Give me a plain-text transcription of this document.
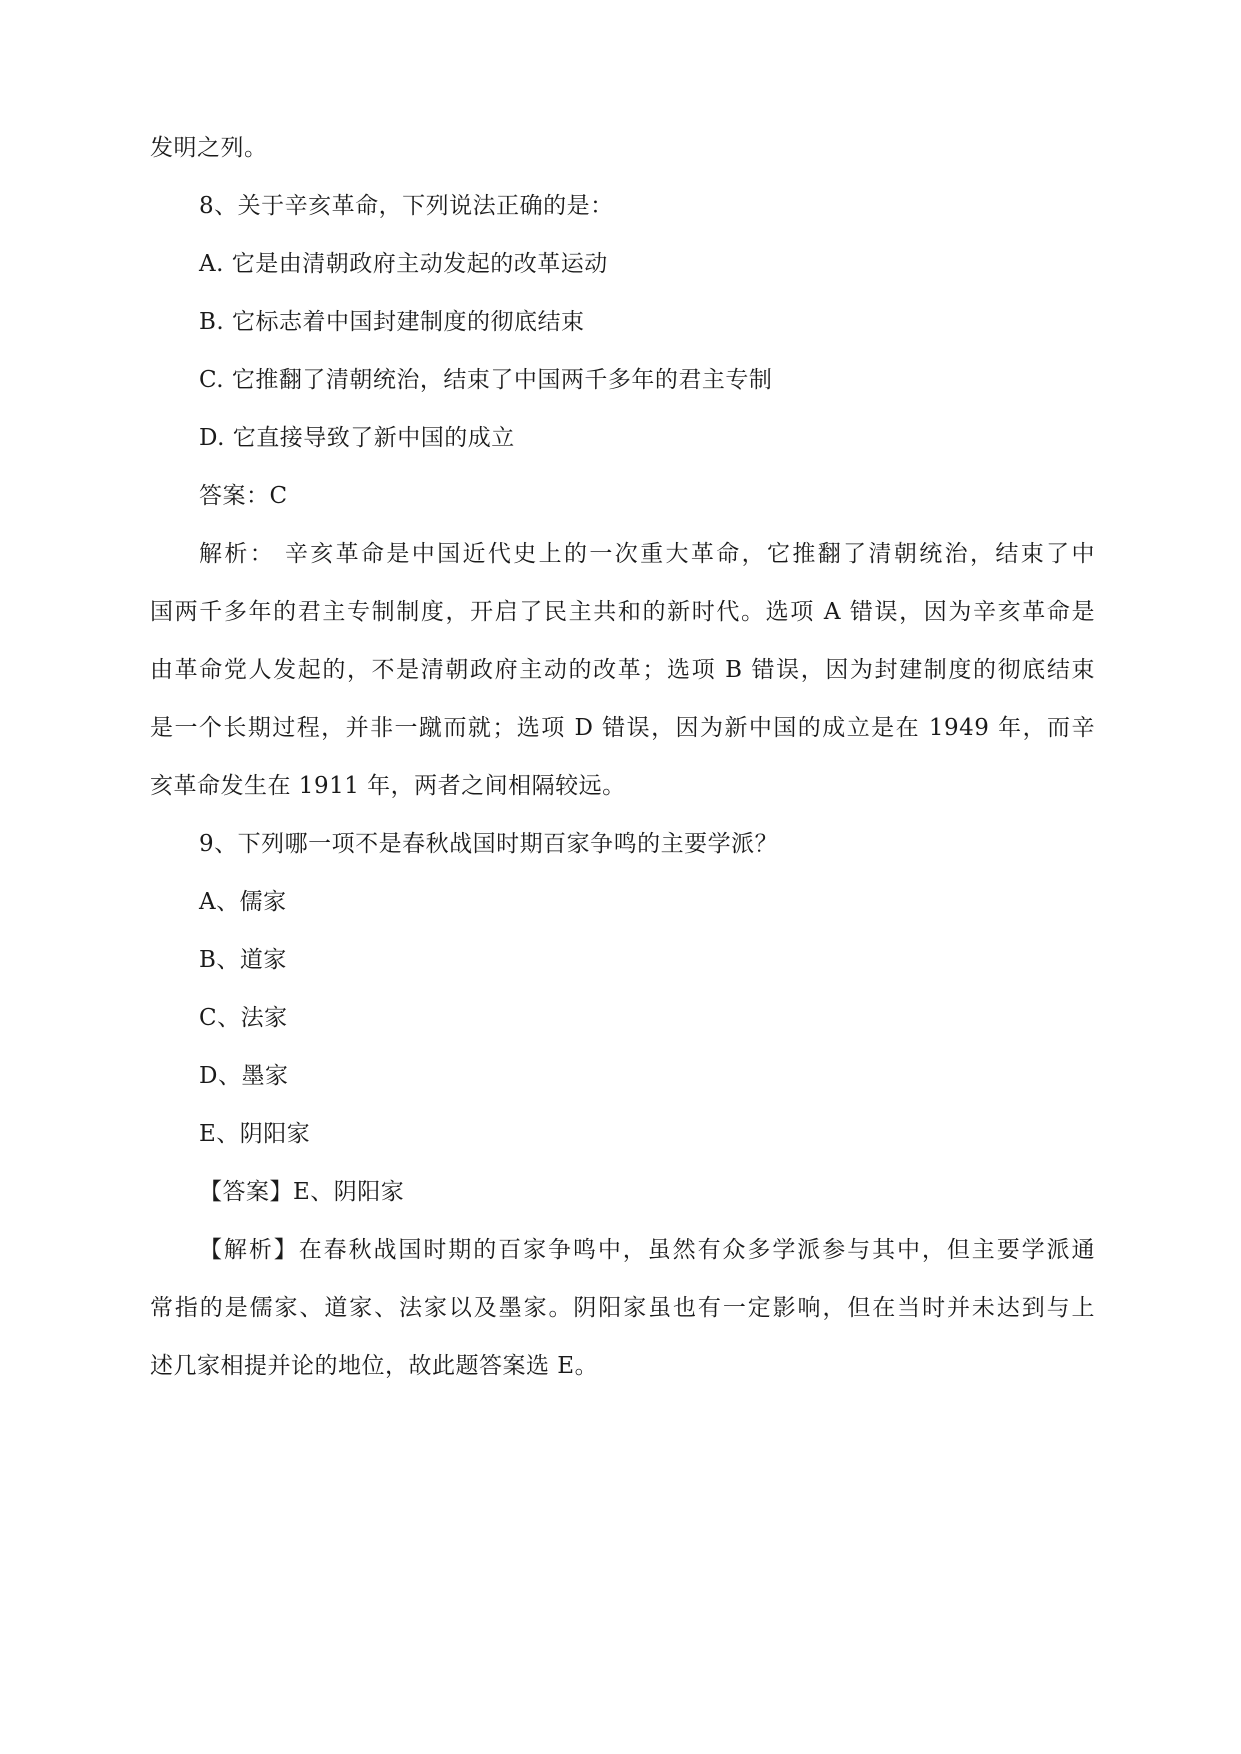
发明之列。
8、关于辛亥革命，下列说法正确的是：
A. 它是由清朝政府主动发起的改革运动
B. 它标志着中国封建制度的彻底结束
C. 它推翻了清朝统治，结束了中国两千多年的君主专制
D. 它直接导致了新中国的成立
答案：C
解析： 辛亥革命是中国近代史上的一次重大革命，它推翻了清朝统治，结束了中
国两千多年的君主专制制度，开启了民主共和的新时代。选项 A 错误，因为辛亥革命是
由革命党人发起的，不是清朝政府主动的改革；选项 B 错误，因为封建制度的彻底结束
是一个长期过程，并非一蹴而就；选项 D 错误，因为新中国的成立是在 1949 年，而辛
亥革命发生在 1911 年，两者之间相隔较远。
9、下列哪一项不是春秋战国时期百家争鸣的主要学派？
A、儒家
B、道家
C、法家
D、墨家
E、阴阳家
【答案】E、阴阳家
【解析】在春秋战国时期的百家争鸣中，虽然有众多学派参与其中，但主要学派通
常指的是儒家、道家、法家以及墨家。阴阳家虽也有一定影响，但在当时并未达到与上
述几家相提并论的地位，故此题答案选 E。
